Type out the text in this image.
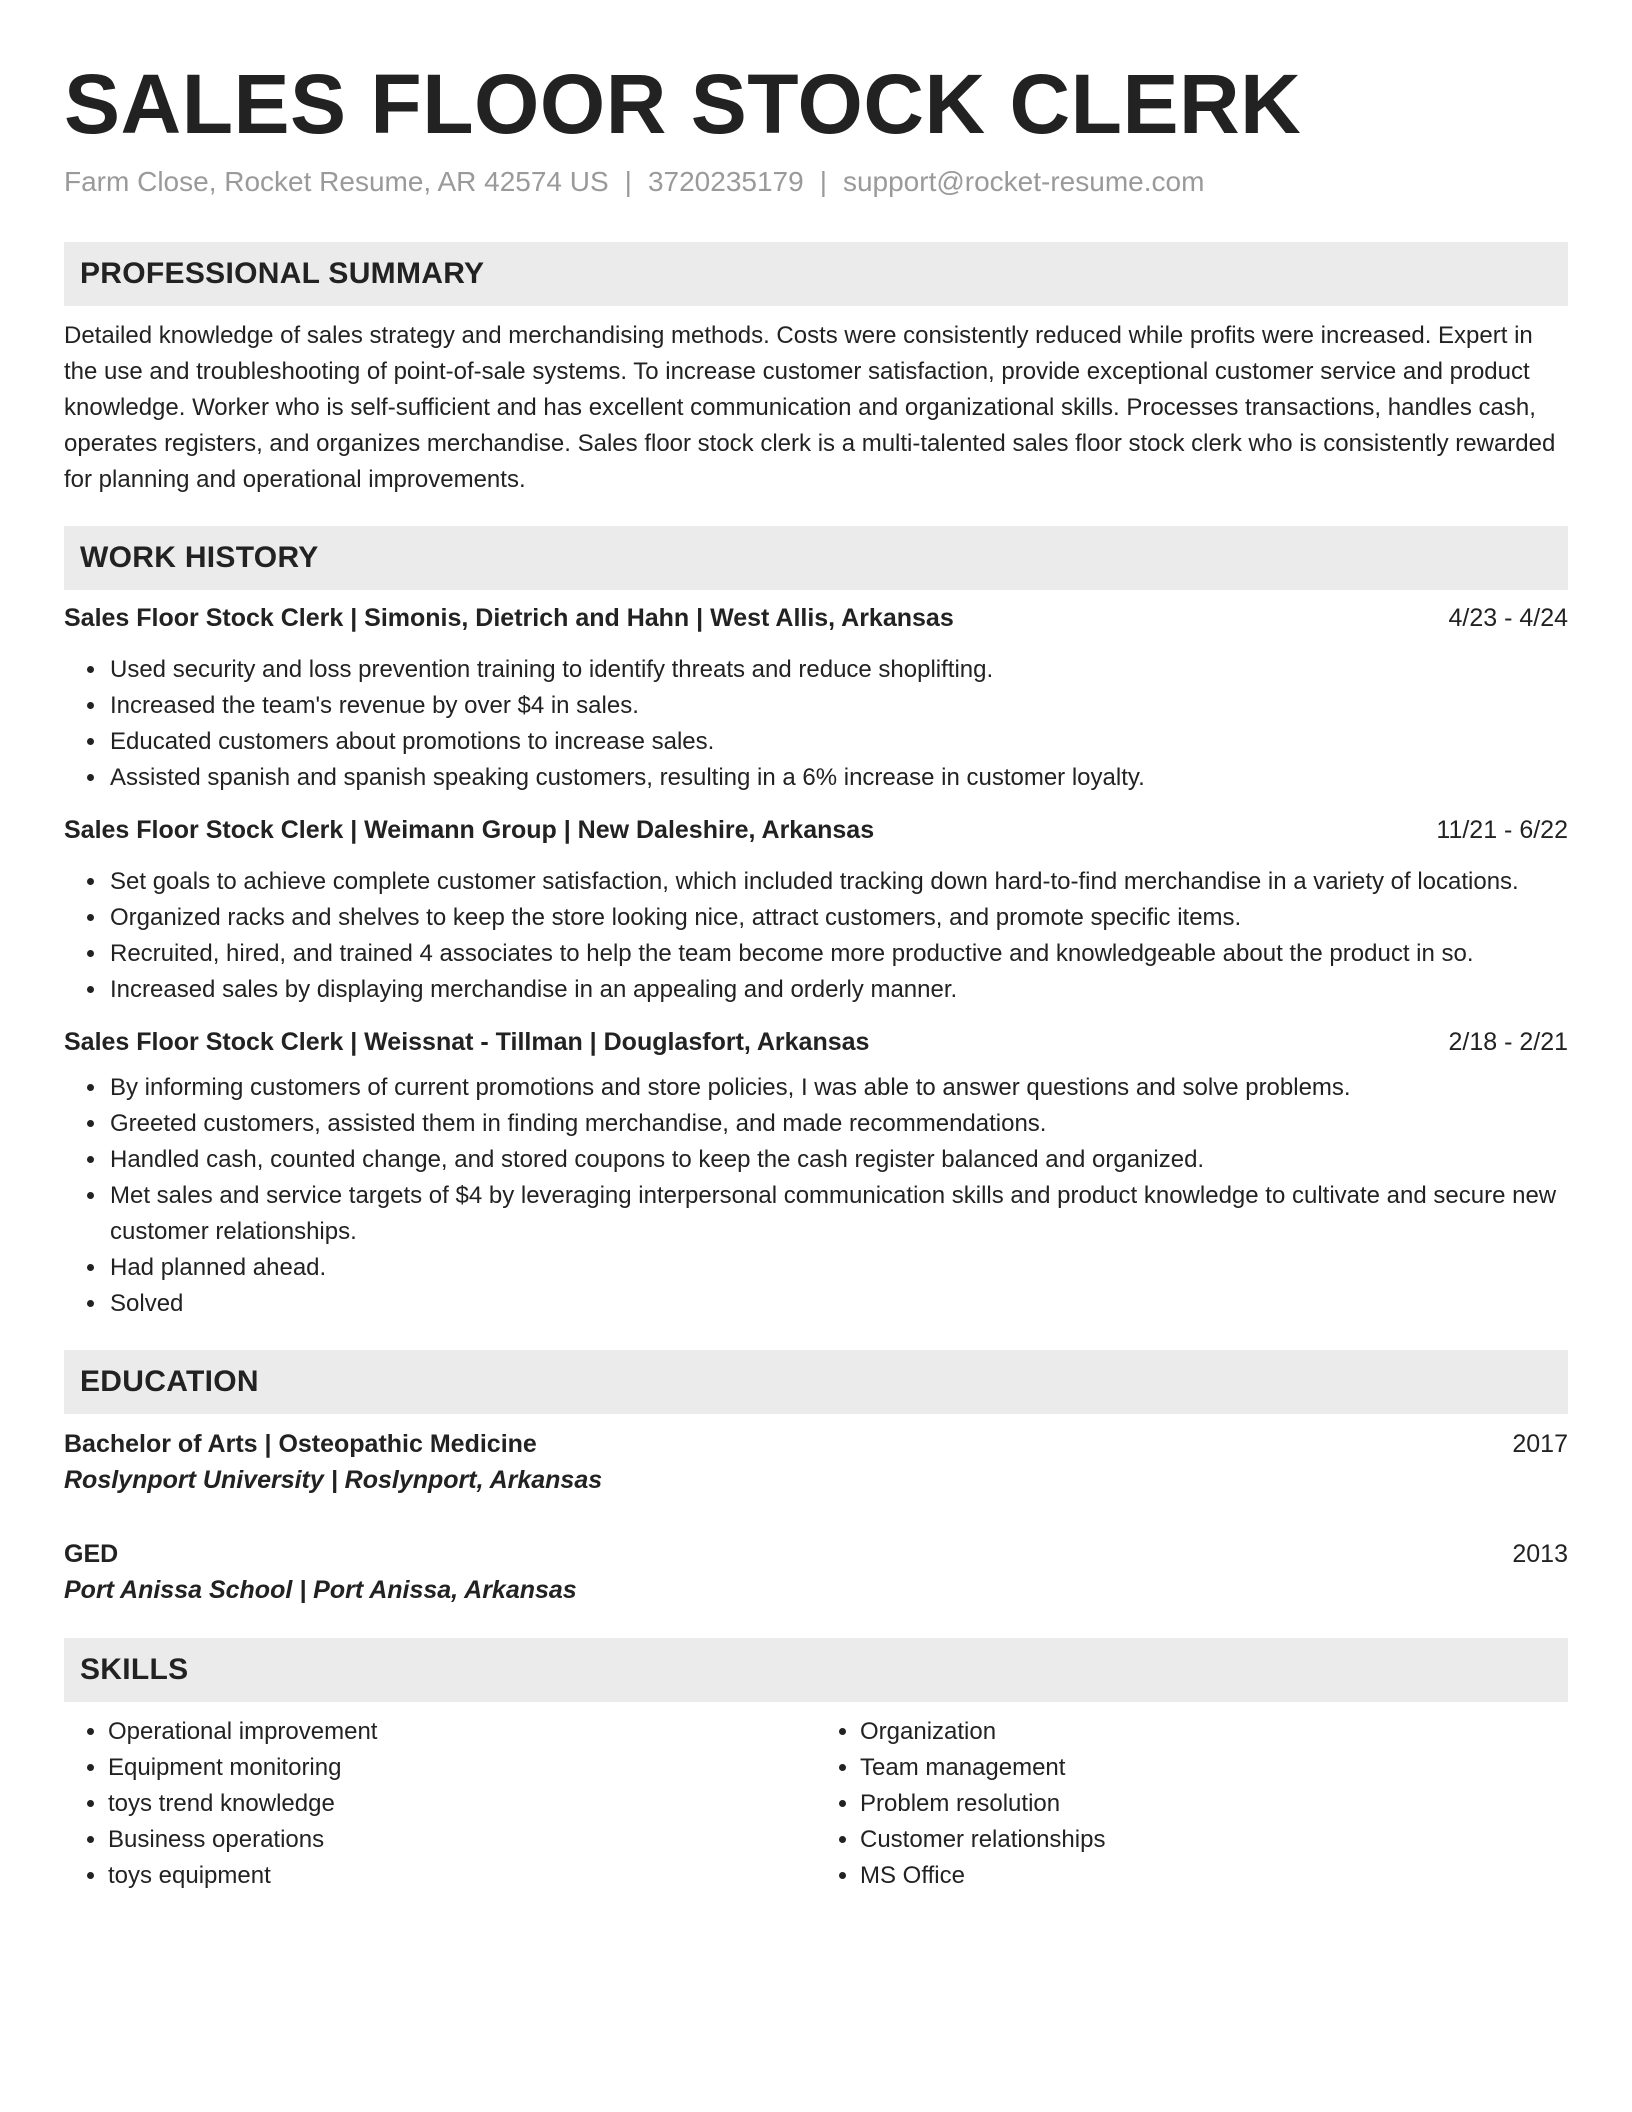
SALES FLOOR STOCK CLERK
Farm Close, Rocket Resume, AR 42574 US | 3720235179 | support@rocket-resume.com
PROFESSIONAL SUMMARY

Detailed knowledge of sales strategy and merchandising methods. Costs were consistently reduced while profits were increased. Expert in the use and troubleshooting of point-of-sale systems. To increase customer satisfaction, provide exceptional customer service and product knowledge. Worker who is self-sufficient and has excellent communication and organizational skills. Processes transactions, handles cash, operates registers, and organizes merchandise. Sales floor stock clerk is a multi-talented sales floor stock clerk who is consistently rewarded for planning and operational improvements.

WORK HISTORY
Sales Floor Stock Clerk | Simonis, Dietrich and Hahn | West Allis, Arkansas	4/23 - 4/24
• Used security and loss prevention training to identify threats and reduce shoplifting.
• Increased the team's revenue by over $4 in sales.
• Educated customers about promotions to increase sales.
• Assisted spanish and spanish speaking customers, resulting in a 6% increase in customer loyalty.
Sales Floor Stock Clerk | Weimann Group | New Daleshire, Arkansas	11/21 - 6/22
• Set goals to achieve complete customer satisfaction, which included tracking down hard-to-find merchandise in a variety of locations.
• Organized racks and shelves to keep the store looking nice, attract customers, and promote specific items.
• Recruited, hired, and trained 4 associates to help the team become more productive and knowledgeable about the product in so.
• Increased sales by displaying merchandise in an appealing and orderly manner.
Sales Floor Stock Clerk | Weissnat - Tillman | Douglasfort, Arkansas	2/18 - 2/21
• By informing customers of current promotions and store policies, I was able to answer questions and solve problems.
• Greeted customers, assisted them in finding merchandise, and made recommendations.
• Handled cash, counted change, and stored coupons to keep the cash register balanced and organized.
• Met sales and service targets of $4 by leveraging interpersonal communication skills and product knowledge to cultivate and secure new customer relationships.
• Had planned ahead.
• Solved
EDUCATION
Bachelor of Arts | Osteopathic Medicine	2017
Roslynport University | Roslynport, Arkansas
GED	2013
Port Anissa School | Port Anissa, Arkansas
SKILLS
• Operational improvement
• Equipment monitoring
• toys trend knowledge
• Business operations
• toys equipment
• Organization
• Team management
• Problem resolution
• Customer relationships
• MS Office
